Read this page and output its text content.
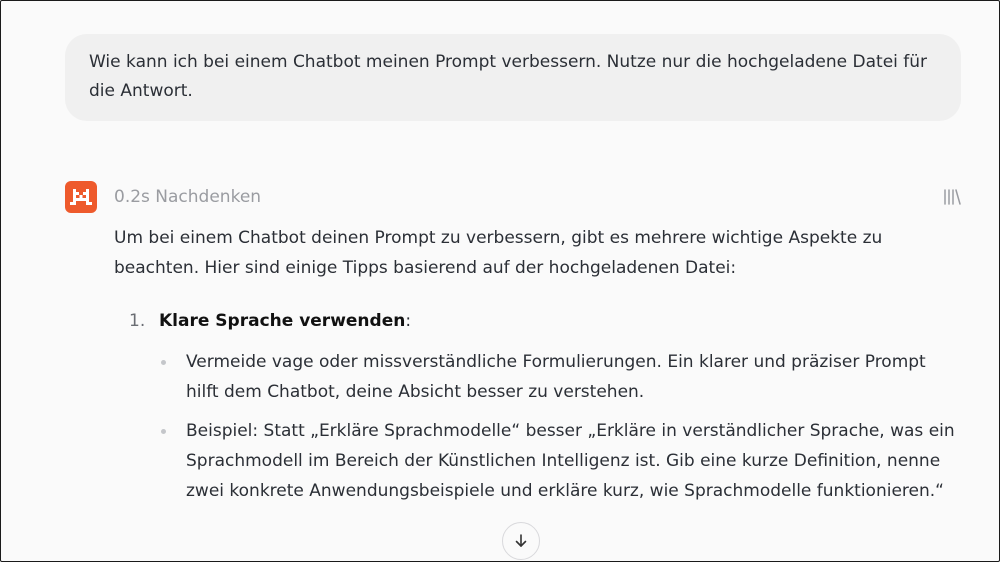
Wie kann ich bei einem Chatbot meinen Prompt verbessern. Nutze nur die hochgeladene Datei für die Antwort.
0.2s Nachdenken
Um bei einem Chatbot deinen Prompt zu verbessern, gibt es mehrere wichtige Aspekte zu beachten. Hier sind einige Tipps basierend auf der hochgeladenen Datei:
1. Klare Sprache verwenden:
Vermeide vage oder missverständliche Formulierungen. Ein klarer und präziser Prompt hilft dem Chatbot, deine Absicht besser zu verstehen.
Beispiel: Statt „Erkläre Sprachmodelle“ besser „Erkläre in verständlicher Sprache, was ein Sprachmodell im Bereich der Künstlichen Intelligenz ist. Gib eine kurze Definition, nenne zwei konkrete Anwendungsbeispiele und erkläre kurz, wie Sprachmodelle funktionieren.“
